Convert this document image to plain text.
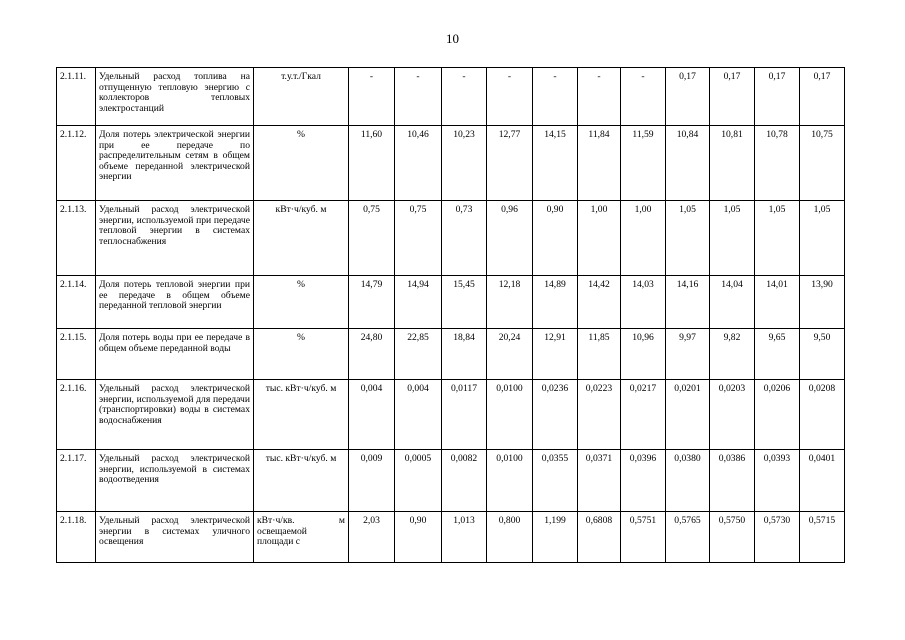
10
2.1.11.	Удельный расход топлива на отпущенную тепловую энергию с коллекторов тепловых электростанций	т.у.т./Гкал	-	-	-	-	-	-	-	0,17	0,17	0,17	0,17
2.1.12.	Доля потерь электрической энергии при ее передаче по распределительным сетям в общем объеме переданной электрической энергии	%	11,60	10,46	10,23	12,77	14,15	11,84	11,59	10,84	10,81	10,78	10,75
2.1.13.	Удельный расход электрической энергии, используемой при передаче тепловой энергии в системах теплоснабжения	кВт·ч/куб. м	0,75	0,75	0,73	0,96	0,90	1,00	1,00	1,05	1,05	1,05	1,05
2.1.14.	Доля потерь тепловой энергии при ее передаче в общем объеме переданной тепловой энергии	%	14,79	14,94	15,45	12,18	14,89	14,42	14,03	14,16	14,04	14,01	13,90
2.1.15.	Доля потерь воды при ее передаче в общем объеме переданной воды	%	24,80	22,85	18,84	20,24	12,91	11,85	10,96	9,97	9,82	9,65	9,50
2.1.16.	Удельный расход электрической энергии, используемой для передачи (транспортировки) воды в системах водоснабжения	тыс. кВт·ч/куб. м	0,004	0,004	0,0117	0,0100	0,0236	0,0223	0,0217	0,0201	0,0203	0,0206	0,0208
2.1.17.	Удельный расход электрической энергии, используемой в системах водоотведения	тыс. кВт·ч/куб. м	0,009	0,0005	0,0082	0,0100	0,0355	0,0371	0,0396	0,0380	0,0386	0,0393	0,0401
2.1.18.	Удельный расход электрической энергии в системах уличного освещения	кВт·ч/кв. м освещаемой площади с	2,03	0,90	1,013	0,800	1,199	0,6808	0,5751	0,5765	0,5750	0,5730	0,5715
